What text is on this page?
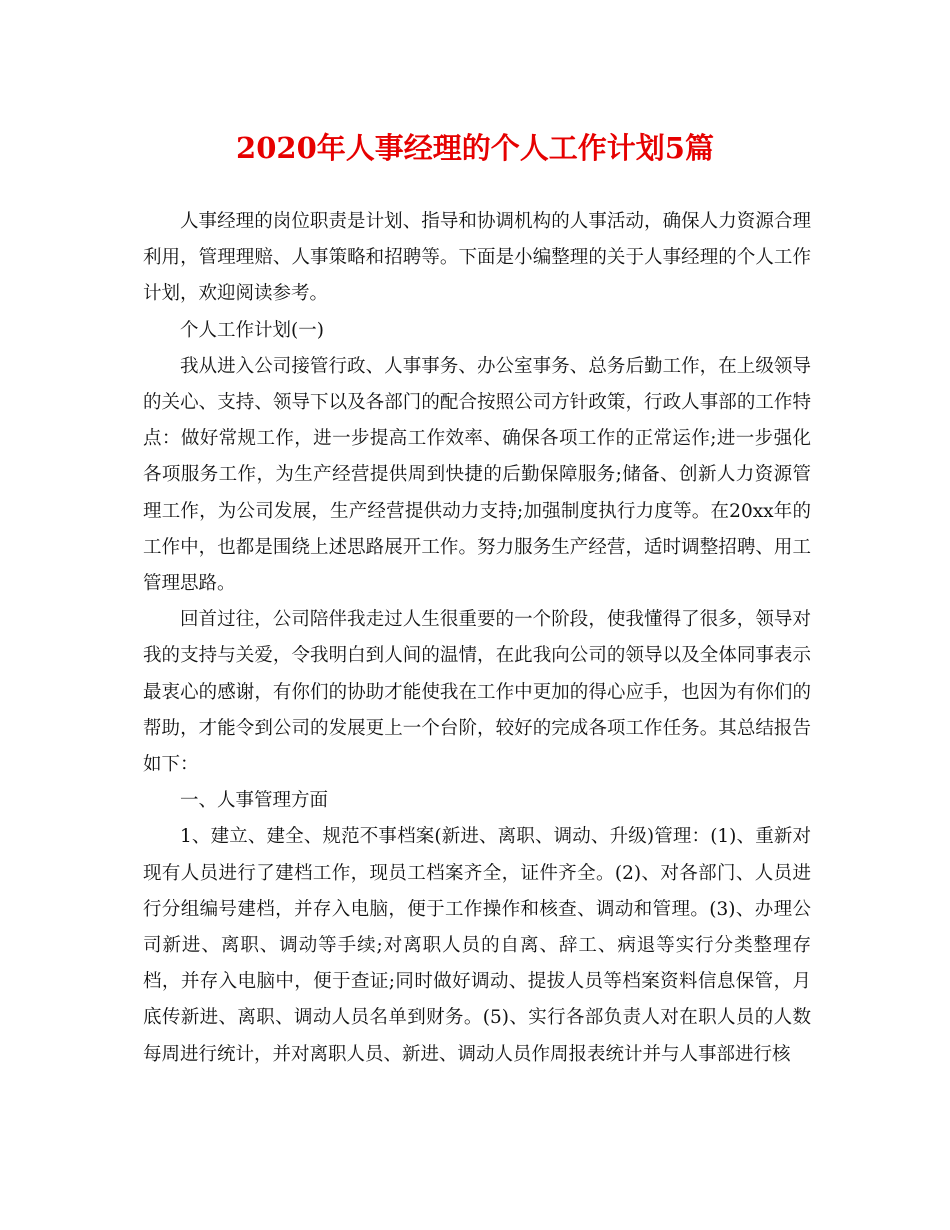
2020年人事经理的个人工作计划5篇

人事经理的岗位职责是计划、指导和协调机构的人事活动，确保人力资源合理利用，管理理赔、人事策略和招聘等。下面是小编整理的关于人事经理的个人工作计划，欢迎阅读参考。

个人工作计划(一)

我从进入公司接管行政、人事事务、办公室事务、总务后勤工作，在上级领导的关心、支持、领导下以及各部门的配合按照公司方针政策，行政人事部的工作特点：做好常规工作，进一步提高工作效率、确保各项工作的正常运作;进一步强化各项服务工作，为生产经营提供周到快捷的后勤保障服务;储备、创新人力资源管理工作，为公司发展，生产经营提供动力支持;加强制度执行力度等。在20xx年的工作中，也都是围绕上述思路展开工作。努力服务生产经营，适时调整招聘、用工管理思路。

回首过往，公司陪伴我走过人生很重要的一个阶段，使我懂得了很多，领导对我的支持与关爱，令我明白到人间的温情，在此我向公司的领导以及全体同事表示最衷心的感谢，有你们的协助才能使我在工作中更加的得心应手，也因为有你们的帮助，才能令到公司的发展更上一个台阶，较好的完成各项工作任务。其总结报告如下：

一、人事管理方面

1、建立、建全、规范不事档案(新进、离职、调动、升级)管理：(1)、重新对现有人员进行了建档工作，现员工档案齐全，证件齐全。(2)、对各部门、人员进行分组编号建档，并存入电脑，便于工作操作和核查、调动和管理。(3)、办理公司新进、离职、调动等手续;对离职人员的自离、辞工、病退等实行分类整理存档，并存入电脑中，便于查证;同时做好调动、提拔人员等档案资料信息保管，月底传新进、离职、调动人员名单到财务。(5)、实行各部负责人对在职人员的人数每周进行统计，并对离职人员、新进、调动人员作周报表统计并与人事部进行核
